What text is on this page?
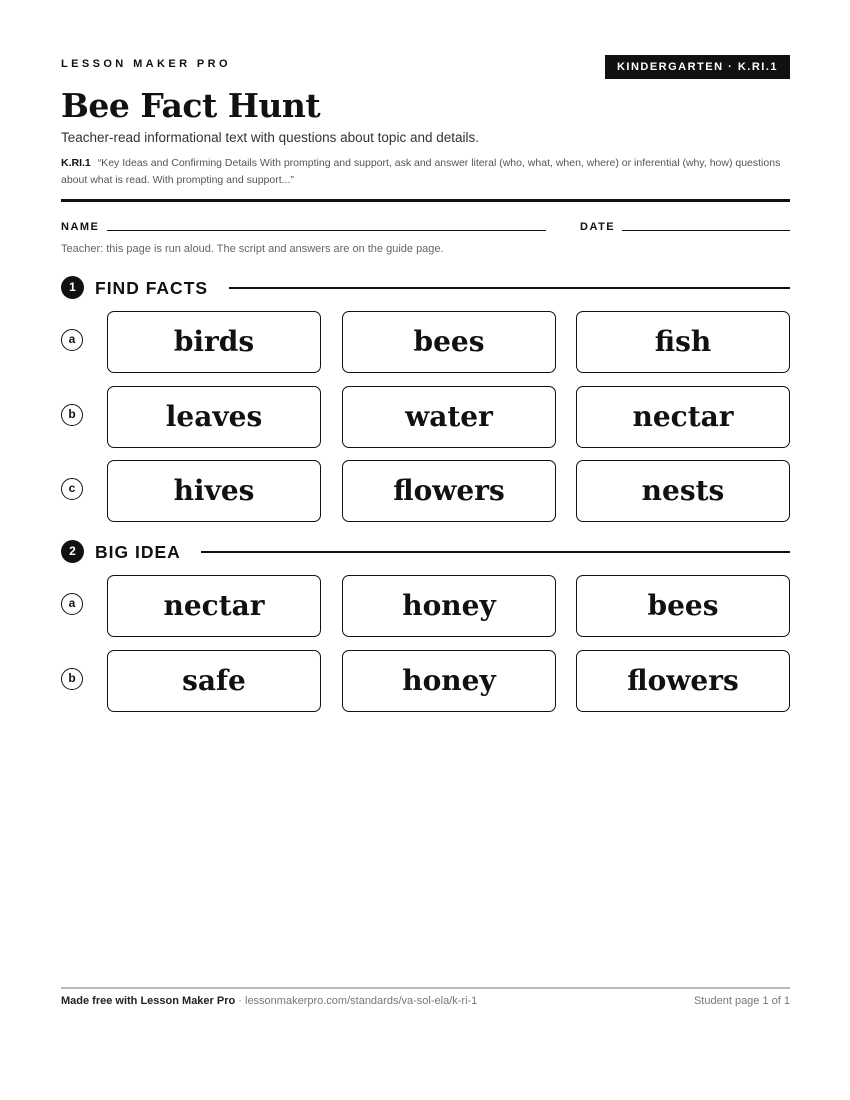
LESSON MAKER PRO	KINDERGARTEN · K.RI.1
Bee Fact Hunt
Teacher-read informational text with questions about topic and details.
K.RI.1 “Key Ideas and Confirming Details With prompting and support, ask and answer literal (who, what, when, where) or inferential (why, how) questions about what is read. With prompting and support...”
NAME	DATE
Teacher: this page is run aloud. The script and answers are on the guide page.
1	FIND FACTS
a	birds	bees	fish
b	leaves	water	nectar
c	hives	flowers	nests
2	BIG IDEA
a	nectar	honey	bees
b	safe	honey	flowers
Made free with Lesson Maker Pro · lessonmakerpro.com/standards/va-sol-ela/k-ri-1	Student page 1 of 1
